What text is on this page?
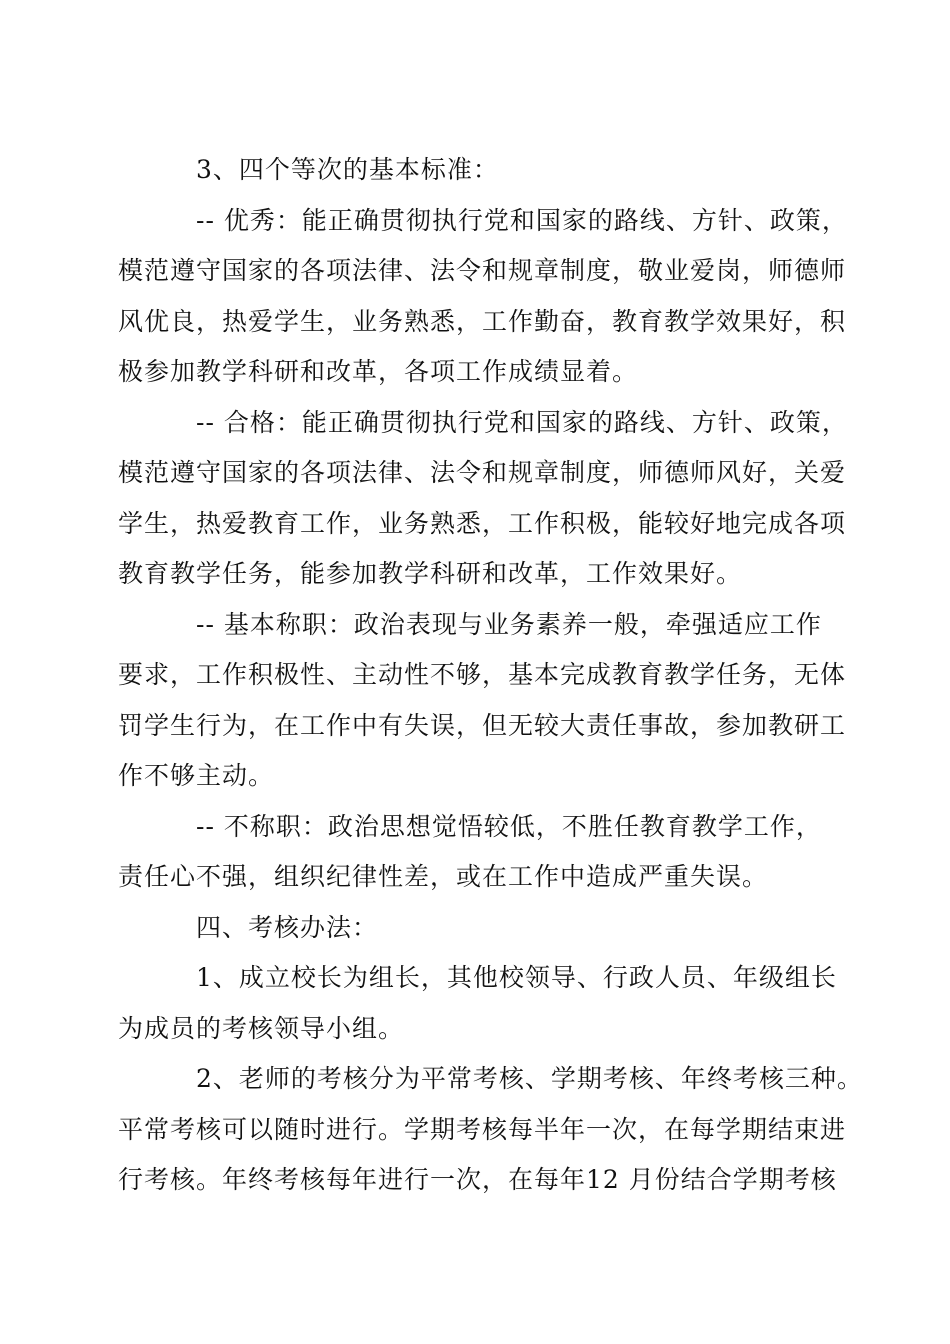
3、四个等次的基本标准：
-- 优秀：能正确贯彻执行党和国家的路线、方针、政策，
模范遵守国家的各项法律、法令和规章制度，敬业爱岗，师德师
风优良，热爱学生，业务熟悉，工作勤奋，教育教学效果好，积
极参加教学科研和改革，各项工作成绩显着。
-- 合格：能正确贯彻执行党和国家的路线、方针、政策，
模范遵守国家的各项法律、法令和规章制度，师德师风好，关爱
学生，热爱教育工作，业务熟悉，工作积极，能较好地完成各项
教育教学任务，能参加教学科研和改革，工作效果好。
-- 基本称职：政治表现与业务素养一般，牵强适应工作
要求，工作积极性、主动性不够，基本完成教育教学任务，无体
罚学生行为，在工作中有失误，但无较大责任事故，参加教研工
作不够主动。
-- 不称职：政治思想觉悟较低，不胜任教育教学工作，
责任心不强，组织纪律性差，或在工作中造成严重失误。
四、考核办法：
1、成立校长为组长，其他校领导、行政人员、年级组长
为成员的考核领导小组。
2、老师的考核分为平常考核、学期考核、年终考核三种。
平常考核可以随时进行。学期考核每半年一次，在每学期结束进
行考核。年终考核每年进行一次，在每年12 月份结合学期考核
